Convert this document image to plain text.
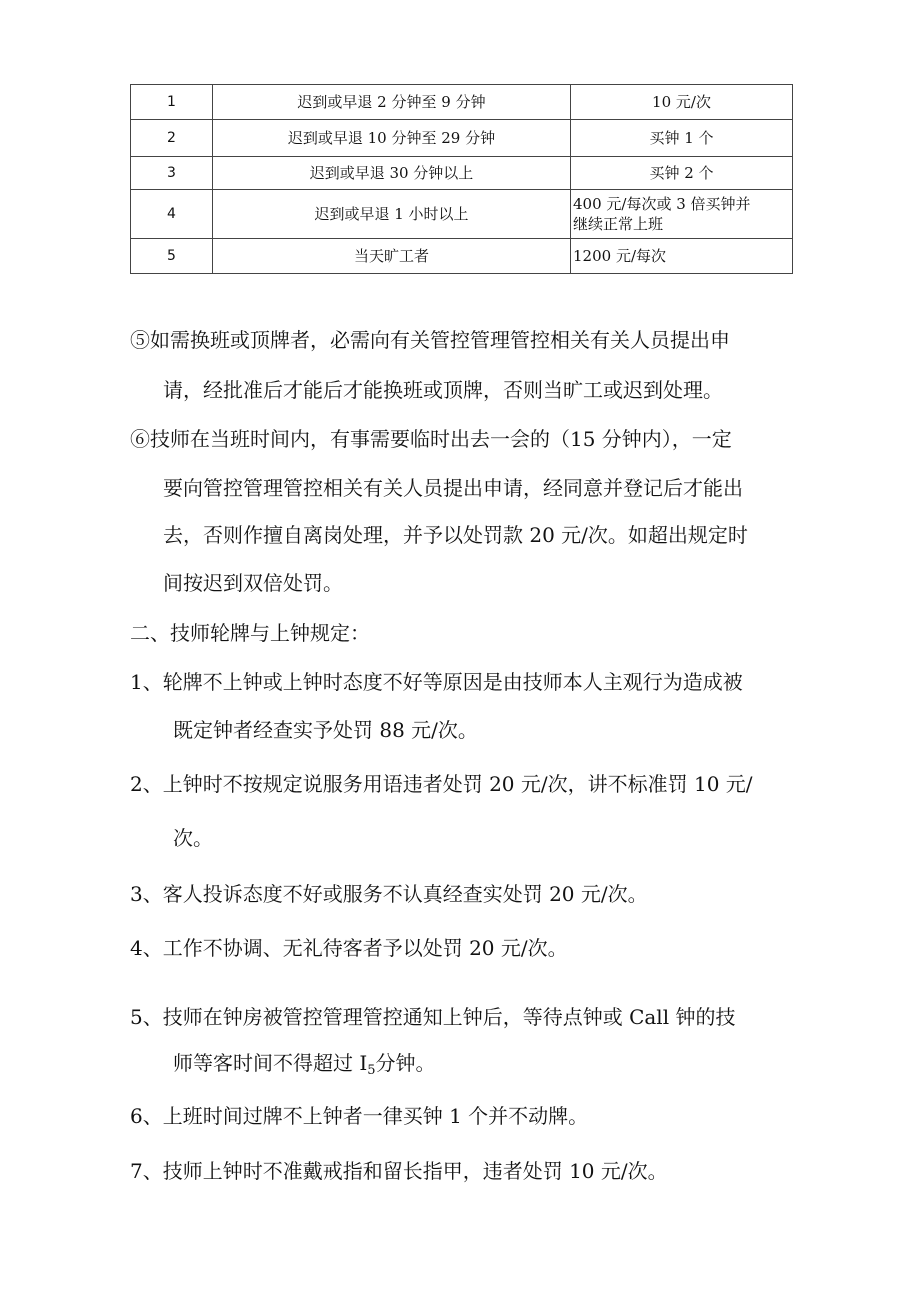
1	迟到或早退 2 分钟至 9 分钟	10 元/次
2	迟到或早退 10 分钟至 29 分钟	买钟 1 个
3	迟到或早退 30 分钟以上	买钟 2 个
4	迟到或早退 1 小时以上	400 元/每次或 3 倍买钟并
继续正常上班

5	当天旷工者	1200 元/每次
⑤如需换班或顶牌者，必需向有关管控管理管控相关有关人员提出申
请，经批准后才能后才能换班或顶牌，否则当旷工或迟到处理。
⑥技师在当班时间内，有事需要临时出去一会的（15 分钟内），一定
要向管控管理管控相关有关人员提出申请，经同意并登记后才能出
去，否则作擅自离岗处理，并予以处罚款 20 元/次。如超出规定时
间按迟到双倍处罚。
二、技师轮牌与上钟规定：
1、轮牌不上钟或上钟时态度不好等原因是由技师本人主观行为造成被
既定钟者经查实予处罚 88 元/次。
2、上钟时不按规定说服务用语违者处罚 20 元/次，讲不标准罚 10 元/
次。
3、客人投诉态度不好或服务不认真经查实处罚 20 元/次。
4、工作不协调、无礼待客者予以处罚 20 元/次。
5、技师在钟房被管控管理管控通知上钟后，等待点钟或 Call 钟的技
师等客时间不得超过 $I_5$分钟。
6、上班时间过牌不上钟者一律买钟 1 个并不动牌。
7、技师上钟时不准戴戒指和留长指甲，违者处罚 10 元/次。
